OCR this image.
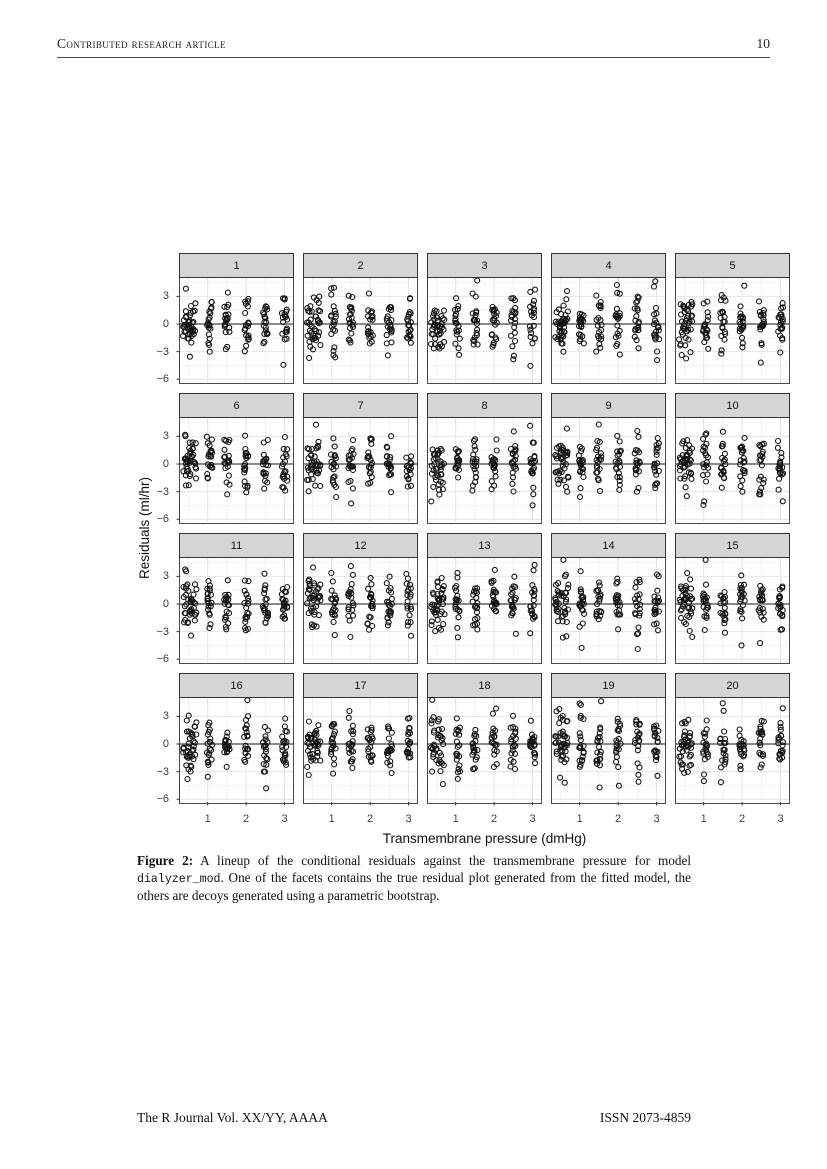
Contributed research article	10
Residuals (ml/hr)
3
0
−3
−6
1	2	3	4	5
3
0
−3
−6
6	7	8	9	10
3
0
−3
−6
11	12	13	14	15
3
0
−3
−6
16	17	18	19	20
1	2	3	1	2	3	1	2	3	1	2	3	1	2	3
Transmembrane pressure (dmHg)
Figure 2: A lineup of the conditional residuals against the transmembrane pressure for model dialyzer_mod. One of the facets contains the true residual plot generated from the fitted model, the others are decoys generated using a parametric bootstrap.
The R Journal Vol. XX/YY, AAAA	ISSN 2073-4859
